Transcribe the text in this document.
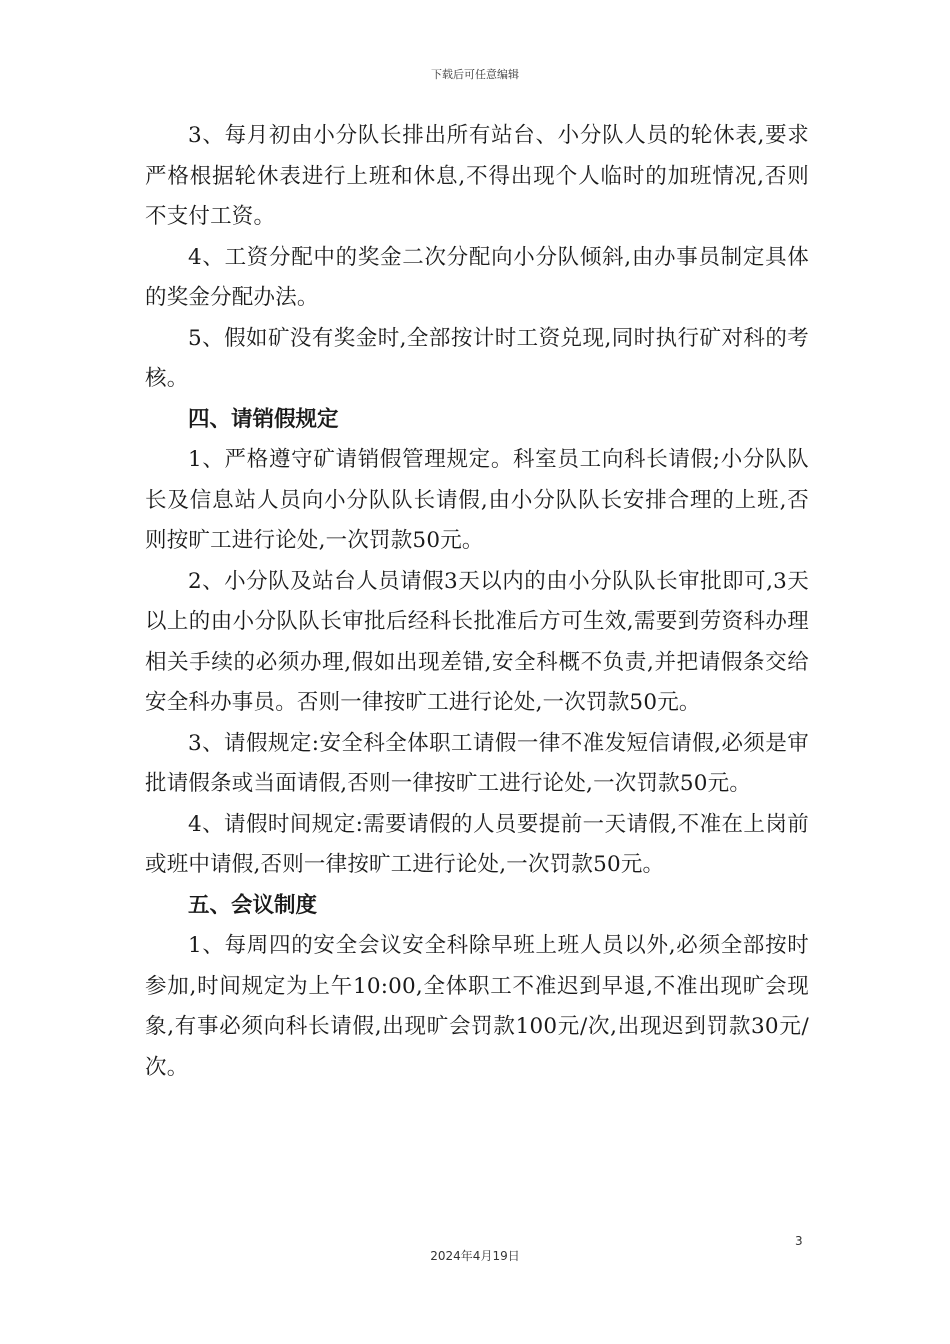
下载后可任意编辑

3、每月初由小分队长排出所有站台、小分队人员的轮休表,要求严格根据轮休表进行上班和休息,不得出现个人临时的加班情况,否则不支付工资。

4、工资分配中的奖金二次分配向小分队倾斜,由办事员制定具体的奖金分配办法。

5、假如矿没有奖金时,全部按计时工资兑现,同时执行矿对科的考核。

四、请销假规定

1、严格遵守矿请销假管理规定。科室员工向科长请假;小分队队长及信息站人员向小分队队长请假,由小分队队长安排合理的上班,否则按旷工进行论处,一次罚款50元。

2、小分队及站台人员请假3天以内的由小分队队长审批即可,3天以上的由小分队队长审批后经科长批准后方可生效,需要到劳资科办理相关手续的必须办理,假如出现差错,安全科概不负责,并把请假条交给安全科办事员。否则一律按旷工进行论处,一次罚款50元。

3、请假规定:安全科全体职工请假一律不准发短信请假,必须是审批请假条或当面请假,否则一律按旷工进行论处,一次罚款50元。

4、请假时间规定:需要请假的人员要提前一天请假,不准在上岗前或班中请假,否则一律按旷工进行论处,一次罚款50元。

五、会议制度

1、每周四的安全会议安全科除早班上班人员以外,必须全部按时参加,时间规定为上午10:00,全体职工不准迟到早退,不准出现旷会现象,有事必须向科长请假,出现旷会罚款100元/次,出现迟到罚款30元/次。

3
2024年4月19日
